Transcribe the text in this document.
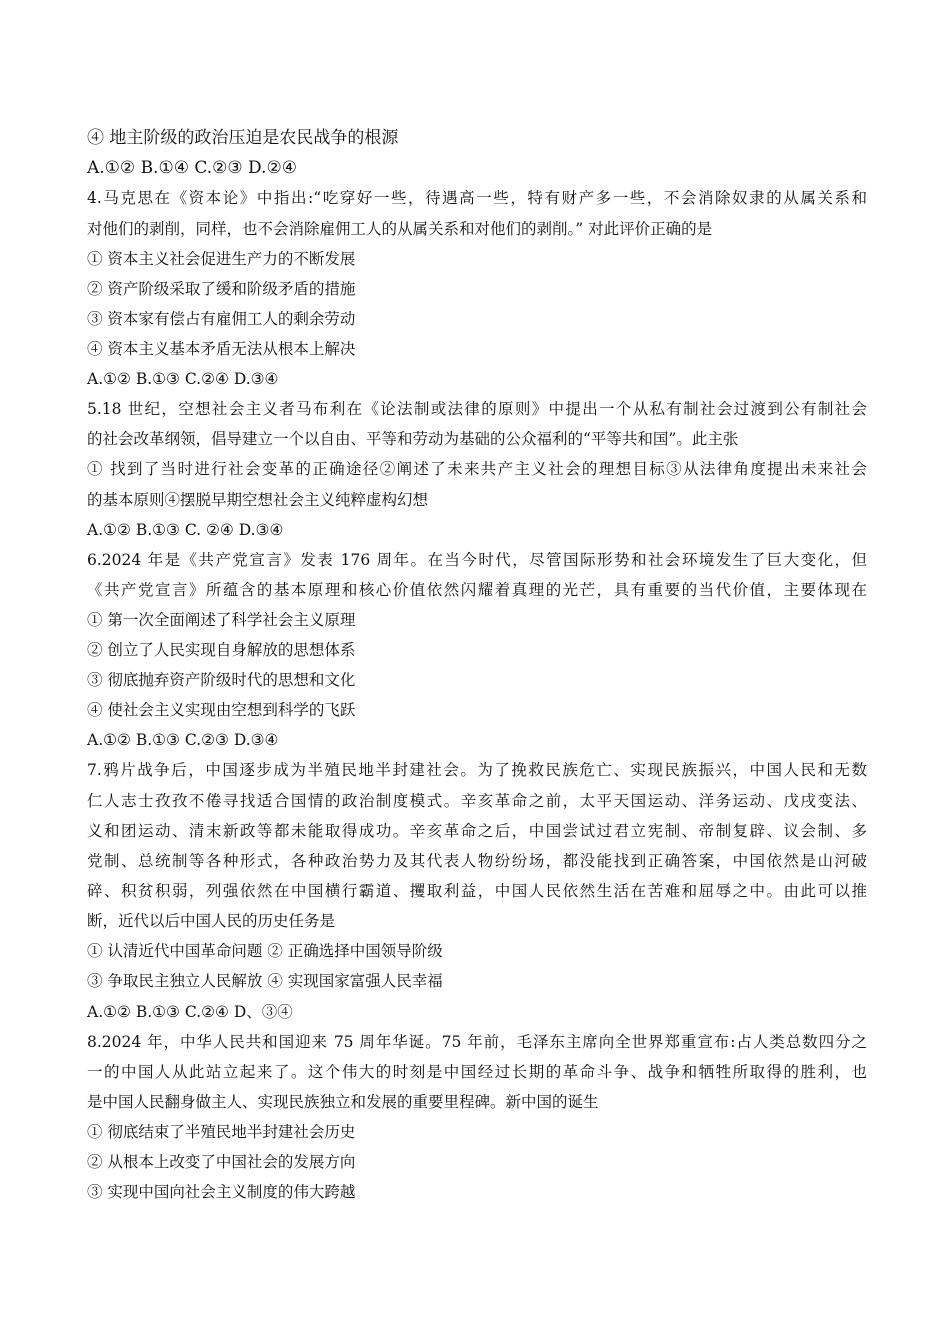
④ 地主阶级的政治压迫是农民战争的根源
A.①② B.①④ C.②③ D.②④
4.马克思在《资本论》中指出:“吃穿好一些，待遇高一些，特有财产多一些，不会消除奴隶的从属关系和
对他们的剥削，同样，也不会消除雇佣工人的从属关系和对他们的剥削。” 对此评价正确的是
① 资本主义社会促进生产力的不断发展
② 资产阶级采取了缓和阶级矛盾的措施
③ 资本家有偿占有雇佣工人的剩余劳动
④ 资本主义基本矛盾无法从根本上解决
A.①② B.①③ C.②④ D.③④
5.18 世纪，空想社会主义者马布利在《论法制或法律的原则》中提出一个从私有制社会过渡到公有制社会
的社会改革纲领，倡导建立一个以自由、平等和劳动为基础的公众福利的“平等共和国”。此主张
① 找到了当时进行社会变革的正确途径②阐述了未来共产主义社会的理想目标③从法律角度提出未来社会
的基本原则④摆脱早期空想社会主义纯粹虚构幻想
A.①② B.①③ C. ②④ D.③④
6.2024 年是《共产党宣言》发表 176 周年。在当今时代，尽管国际形势和社会环境发生了巨大变化，但
《共产党宣言》所蕴含的基本原理和核心价值依然闪耀着真理的光芒，具有重要的当代价值，主要体现在
① 第一次全面阐述了科学社会主义原理
② 创立了人民实现自身解放的思想体系
③ 彻底抛弃资产阶级时代的思想和文化
④ 使社会主义实现由空想到科学的飞跃
A.①② B.①③ C.②③ D.③④
7.鸦片战争后，中国逐步成为半殖民地半封建社会。为了挽救民族危亡、实现民族振兴，中国人民和无数
仁人志士孜孜不倦寻找适合国情的政治制度模式。辛亥革命之前，太平天国运动、洋务运动、戊戌变法、
义和团运动、清末新政等都未能取得成功。辛亥革命之后，中国尝试过君立宪制、帝制复辟、议会制、多
党制、总统制等各种形式，各种政治势力及其代表人物纷纷场，都没能找到正确答案，中国依然是山河破
碎、积贫积弱，列强依然在中国横行霸道、攫取利益，中国人民依然生活在苦难和屈辱之中。由此可以推
断，近代以后中国人民的历史任务是
① 认清近代中国革命问题 ② 正确选择中国领导阶级
③ 争取民主独立人民解放 ④ 实现国家富强人民幸福
A.①② B.①③ C.②④ D、③④
8.2024 年，中华人民共和国迎来 75 周年华诞。75 年前，毛泽东主席向全世界郑重宣布:占人类总数四分之
一的中国人从此站立起来了。这个伟大的时刻是中国经过长期的革命斗争、战争和牺牲所取得的胜利，也
是中国人民翻身做主人、实现民族独立和发展的重要里程碑。新中国的诞生
① 彻底结束了半殖民地半封建社会历史
② 从根本上改变了中国社会的发展方向
③ 实现中国向社会主义制度的伟大跨越
